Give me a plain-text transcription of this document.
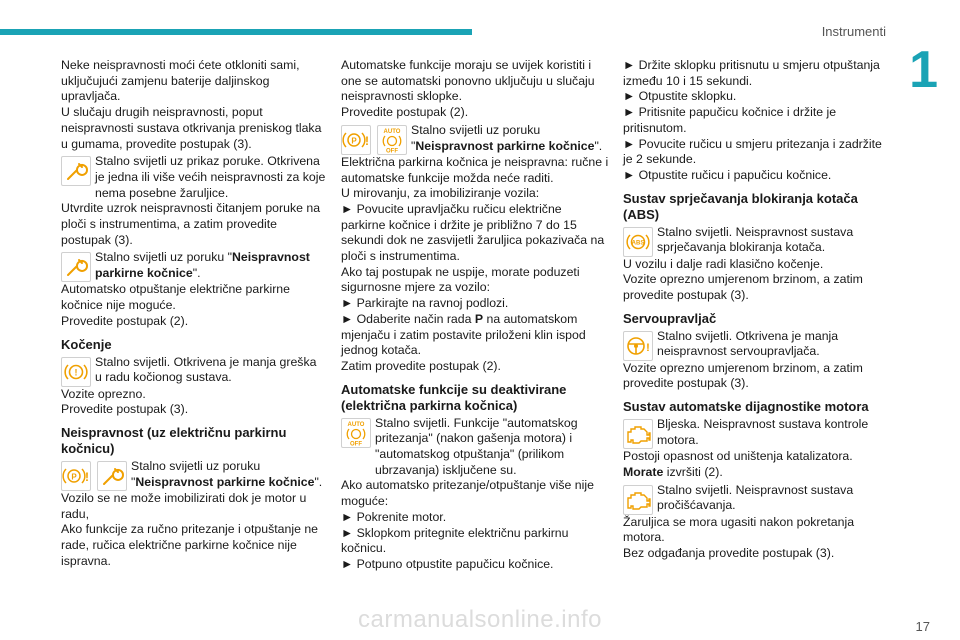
Instrumenti
1

Neke neispravnosti moći ćete otkloniti sami, uključujući zamjenu baterije daljinskog upravljača.

U slučaju drugih neispravnosti, poput neispravnosti sustava otkrivanja preniskog tlaka u gumama, provedite postupak (3).

Stalno svijetli uz prikaz poruke. Otkrivena je jedna ili više većih neispravnosti za koje nema posebne žaruljice.

Utvrdite uzrok neispravnosti čitanjem poruke na ploči s instrumentima, a zatim provedite postupak (3).

Stalno svijetli uz poruku "Neispravnost parkirne kočnice".

Automatsko otpuštanje električne parkirne kočnice nije moguće.

Provedite postupak (2).

Kočenje
!
Stalno svijetli. Otkrivena je manja greška u radu kočionog sustava.

Vozite oprezno.

Provedite postupak (3).

Neispravnost (uz električnu parkirnu kočnicu)
P !
Stalno svijetli uz poruku "Neispravnost parkirne kočnice".

Vozilo se ne može imobilizirati dok je motor u radu,

Ako funkcije za ručno pritezanje i otpuštanje ne rade, ručica električne parkirne kočnice nije ispravna.

Automatske funkcije moraju se uvijek koristiti i one se automatski ponovno uključuju u slučaju neispravnosti sklopke.

Provedite postupak (2).

P !
AUTO
OFF
Stalno svijetli uz poruku "Neispravnost parkirne kočnice".

Električna parkirna kočnica je neispravna: ručne i automatske funkcije možda neće raditi.

U mirovanju, za imobiliziranje vozila:

► Povucite upravljačku ručicu električne parkirne kočnice i držite je približno 7 do 15 sekundi dok ne zasvijetli žaruljica pokazivača na ploči s instrumentima.

Ako taj postupak ne uspije, morate poduzeti sigurnosne mjere za vozilo:

► Parkirajte na ravnoj podlozi.

► Odaberite način rada P na automatskom mjenjaču i zatim postavite priloženi klin ispod jednog kotača.

Zatim provedite postupak (2).

Automatske funkcije su deaktivirane (električna parkirna kočnica)
AUTO
OFF
Stalno svijetli. Funkcije "automatskog pritezanja" (nakon gašenja motora) i "automatskog otpuštanja" (prilikom ubrzavanja) isključene su.

Ako automatsko pritezanje/otpuštanje više nije moguće:

► Pokrenite motor.

► Sklopkom pritegnite električnu parkirnu kočnicu.

► Potpuno otpustite papučicu kočnice.

► Držite sklopku pritisnutu u smjeru otpuštanja između 10 i 15 sekundi.

► Otpustite sklopku.

► Pritisnite papučicu kočnice i držite je pritisnutom.

► Povucite ručicu u smjeru pritezanja i zadržite je 2 sekunde.

► Otpustite ručicu i papučicu kočnice.

Sustav sprječavanja blokiranja kotača (ABS)
ABS
Stalno svijetli. Neispravnost sustava sprječavanja blokiranja kotača.

U vozilu i dalje radi klasično kočenje.

Vozite oprezno umjerenom brzinom, a zatim provedite postupak (3).

Servoupravljač
!
Stalno svijetli. Otkrivena je manja neispravnost servoupravljača.

Vozite oprezno umjerenom brzinom, a zatim provedite postupak (3).

Sustav automatske dijagnostike motora
Bljeska. Neispravnost sustava kontrole motora.

Postoji opasnost od uništenja katalizatora.

Morate izvršiti (2).

Stalno svijetli. Neispravnost sustava pročišćavanja.

Žaruljica se mora ugasiti nakon pokretanja motora.

Bez odgađanja provedite postupak (3).

carmanualsonline.info	17
